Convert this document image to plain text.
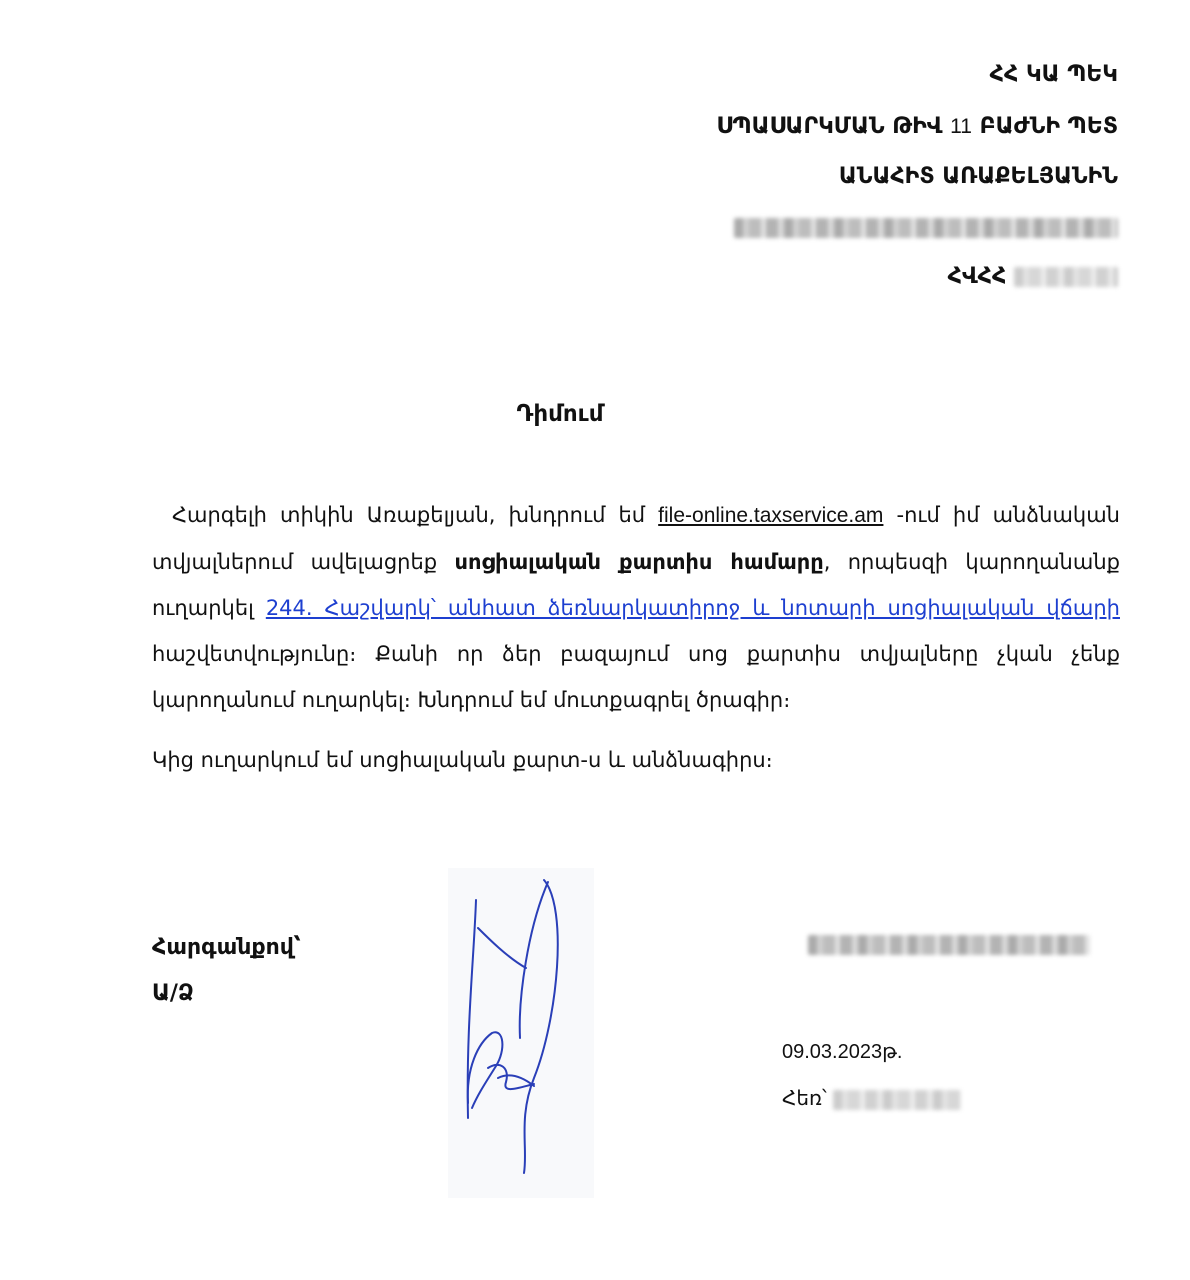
ՀՀ ԿԱ ՊԵԿ
ՍՊԱՍԱՐԿՄԱՆ ԹԻՎ 11 ԲԱԺՆԻ ՊԵՏ
ԱՆԱՀԻՏ ԱՌԱՔԵԼՅԱՆԻՆ
ՀՎՀՀ
Դիմում
Հարգելի տիկին Առաքելյան, խնդրում եմ file-online.taxservice.am -ում իմ անձնական տվյալներում ավելացրեք սոցիալական քարտիս համարը, որպեսզի կարողանանք ուղարկել 244. Հաշվարկ՝ անհատ ձեռնարկատիրոջ և նոտարի սոցիալական վճարի հաշվետվությունը։ Քանի որ ձեր բազայում սոց քարտիս տվյալները չկան չենք կարողանում ուղարկել։ Խնդրում եմ մուտքագրել ծրագիր։
Կից ուղարկում եմ սոցիալական քարտ-ս և անձնագիրս։
Հարգանքով՝
Ա/Ձ
09.03.2023թ.
Հեռ՝
